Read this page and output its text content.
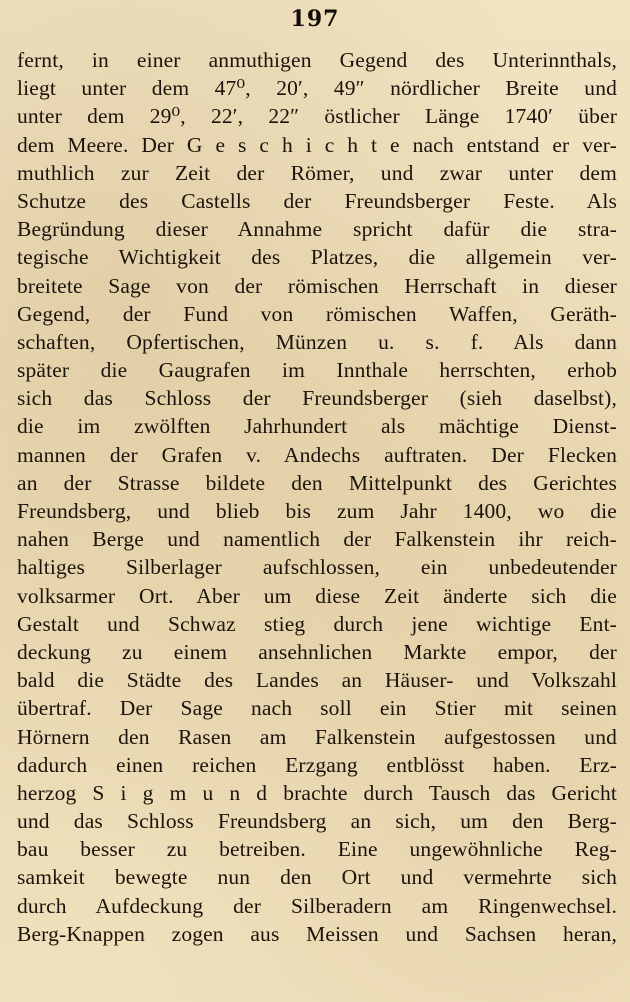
197
fernt, in einer anmuthigen Gegend des Unterinnthals,
liegt unter dem 47⁰, 20′, 49″ nördlicher Breite und
unter dem 29⁰, 22′, 22″ östlicher Länge 1740′ über
dem Meere. Der G e s c h i c h t e nach entstand er ver-
muthlich zur Zeit der Römer, und zwar unter dem
Schutze des Castells der Freundsberger Feste. Als
Begründung dieser Annahme spricht dafür die stra-
tegische Wichtigkeit des Platzes, die allgemein ver-
breitete Sage von der römischen Herrschaft in dieser
Gegend, der Fund von römischen Waffen, Geräth-
schaften, Opfertischen, Münzen u. s. f. Als dann
später die Gaugrafen im Innthale herrschten, erhob
sich das Schloss der Freundsberger (sieh daselbst),
die im zwölften Jahrhundert als mächtige Dienst-
mannen der Grafen v. Andechs auftraten. Der Flecken
an der Strasse bildete den Mittelpunkt des Gerichtes
Freundsberg, und blieb bis zum Jahr 1400, wo die
nahen Berge und namentlich der Falkenstein ihr reich-
haltiges Silberlager aufschlossen, ein unbedeutender
volksarmer Ort. Aber um diese Zeit änderte sich die
Gestalt und Schwaz stieg durch jene wichtige Ent-
deckung zu einem ansehnlichen Markte empor, der
bald die Städte des Landes an Häuser- und Volkszahl
übertraf. Der Sage nach soll ein Stier mit seinen
Hörnern den Rasen am Falkenstein aufgestossen und
dadurch einen reichen Erzgang entblösst haben. Erz-
herzog S i g m u n d brachte durch Tausch das Gericht
und das Schloss Freundsberg an sich, um den Berg-
bau besser zu betreiben. Eine ungewöhnliche Reg-
samkeit bewegte nun den Ort und vermehrte sich
durch Aufdeckung der Silberadern am Ringenwechsel.
Berg-Knappen zogen aus Meissen und Sachsen heran,
